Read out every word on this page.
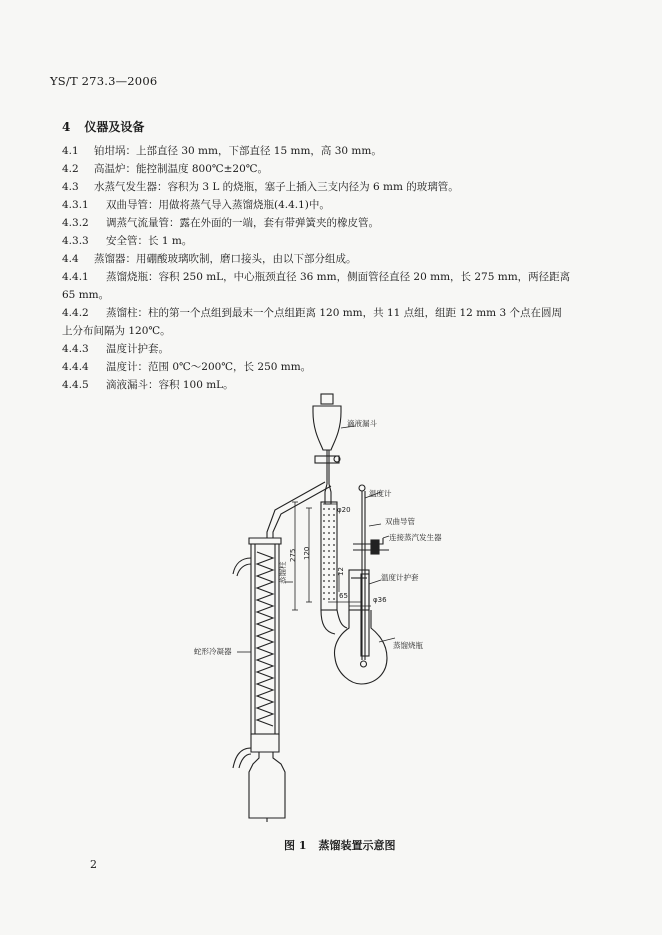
YS/T 273.3—2006
4 仪器及设备
4.1 铂坩埚：上部直径 30 mm，下部直径 15 mm，高 30 mm。
4.2 高温炉：能控制温度 800℃±20℃。
4.3 水蒸气发生器：容积为 3 L 的烧瓶，塞子上插入三支内径为 6 mm 的玻璃管。
4.3.1 双曲导管：用做将蒸气导入蒸馏烧瓶(4.4.1)中。
4.3.2 调蒸气流量管：露在外面的一端，套有带弹簧夹的橡皮管。
4.3.3 安全管：长 1 m。
4.4 蒸馏器：用硼酸玻璃吹制，磨口接头，由以下部分组成。
4.4.1 蒸馏烧瓶：容积 250 mL，中心瓶颈直径 36 mm，侧面管径直径 20 mm，长 275 mm，两径距离
65 mm。
4.4.2 蒸馏柱：柱的第一个点组到最末一个点组距离 120 mm，共 11 点组，组距 12 mm 3 个点在圆周
上分布间隔为 120℃。
4.4.3 温度计护套。
4.4.4 温度计：范围 0℃～200℃，长 250 mm。
4.4.5 滴液漏斗：容积 100 mL。
滴液漏斗
温度计
双曲导管
连接蒸汽发生器
温度计护套
蒸馏烧瓶
蛇形冷凝器
蒸馏柱
φ20
φ36
275 120
12
65
图 1 蒸馏装置示意图
2
